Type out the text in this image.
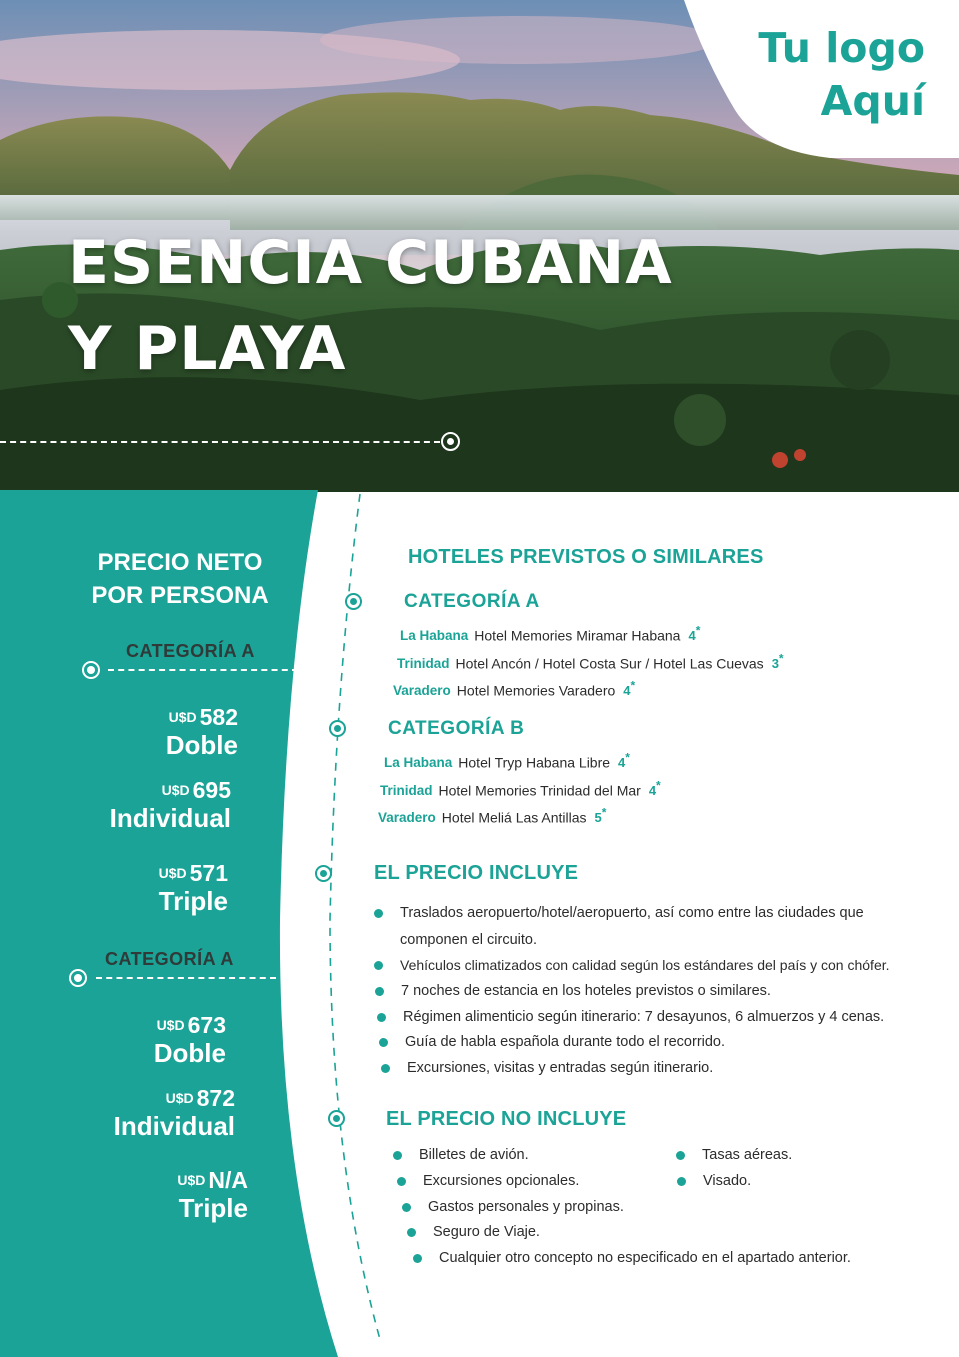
Tu logo
Aquí
ESENCIA CUBANA
Y PLAYA
PRECIO NETO
POR PERSONA
CATEGORÍA A
U$D 582
Doble
U$D 695
Individual
U$D 571
Triple
CATEGORÍA A
U$D 673
Doble
U$D 872
Individual
U$D N/A
Triple
HOTELES PREVISTOS O SIMILARES
CATEGORÍA A
La Habana Hotel Memories Miramar Habana 4*
Trinidad Hotel Ancón / Hotel Costa Sur / Hotel Las Cuevas 3*
Varadero Hotel Memories Varadero 4*
CATEGORÍA B
La Habana Hotel Tryp Habana Libre 4*
Trinidad Hotel Memories Trinidad del Mar 4*
Varadero Hotel Meliá Las Antillas 5*
EL PRECIO INCLUYE
Traslados aeropuerto/hotel/aeropuerto, así como entre las ciudades que
componen el circuito.
Vehículos climatizados con calidad según los estándares del país y con chófer.
7 noches de estancia en los hoteles previstos o similares.
Régimen alimenticio según itinerario: 7 desayunos, 6 almuerzos y 4 cenas.
Guía de habla española durante todo el recorrido.
Excursiones, visitas y entradas según itinerario.
EL PRECIO NO INCLUYE
Billetes de avión.
Excursiones opcionales.
Gastos personales y propinas.
Seguro de Viaje.
Cualquier otro concepto no especificado en el apartado anterior.
Tasas aéreas.
Visado.
